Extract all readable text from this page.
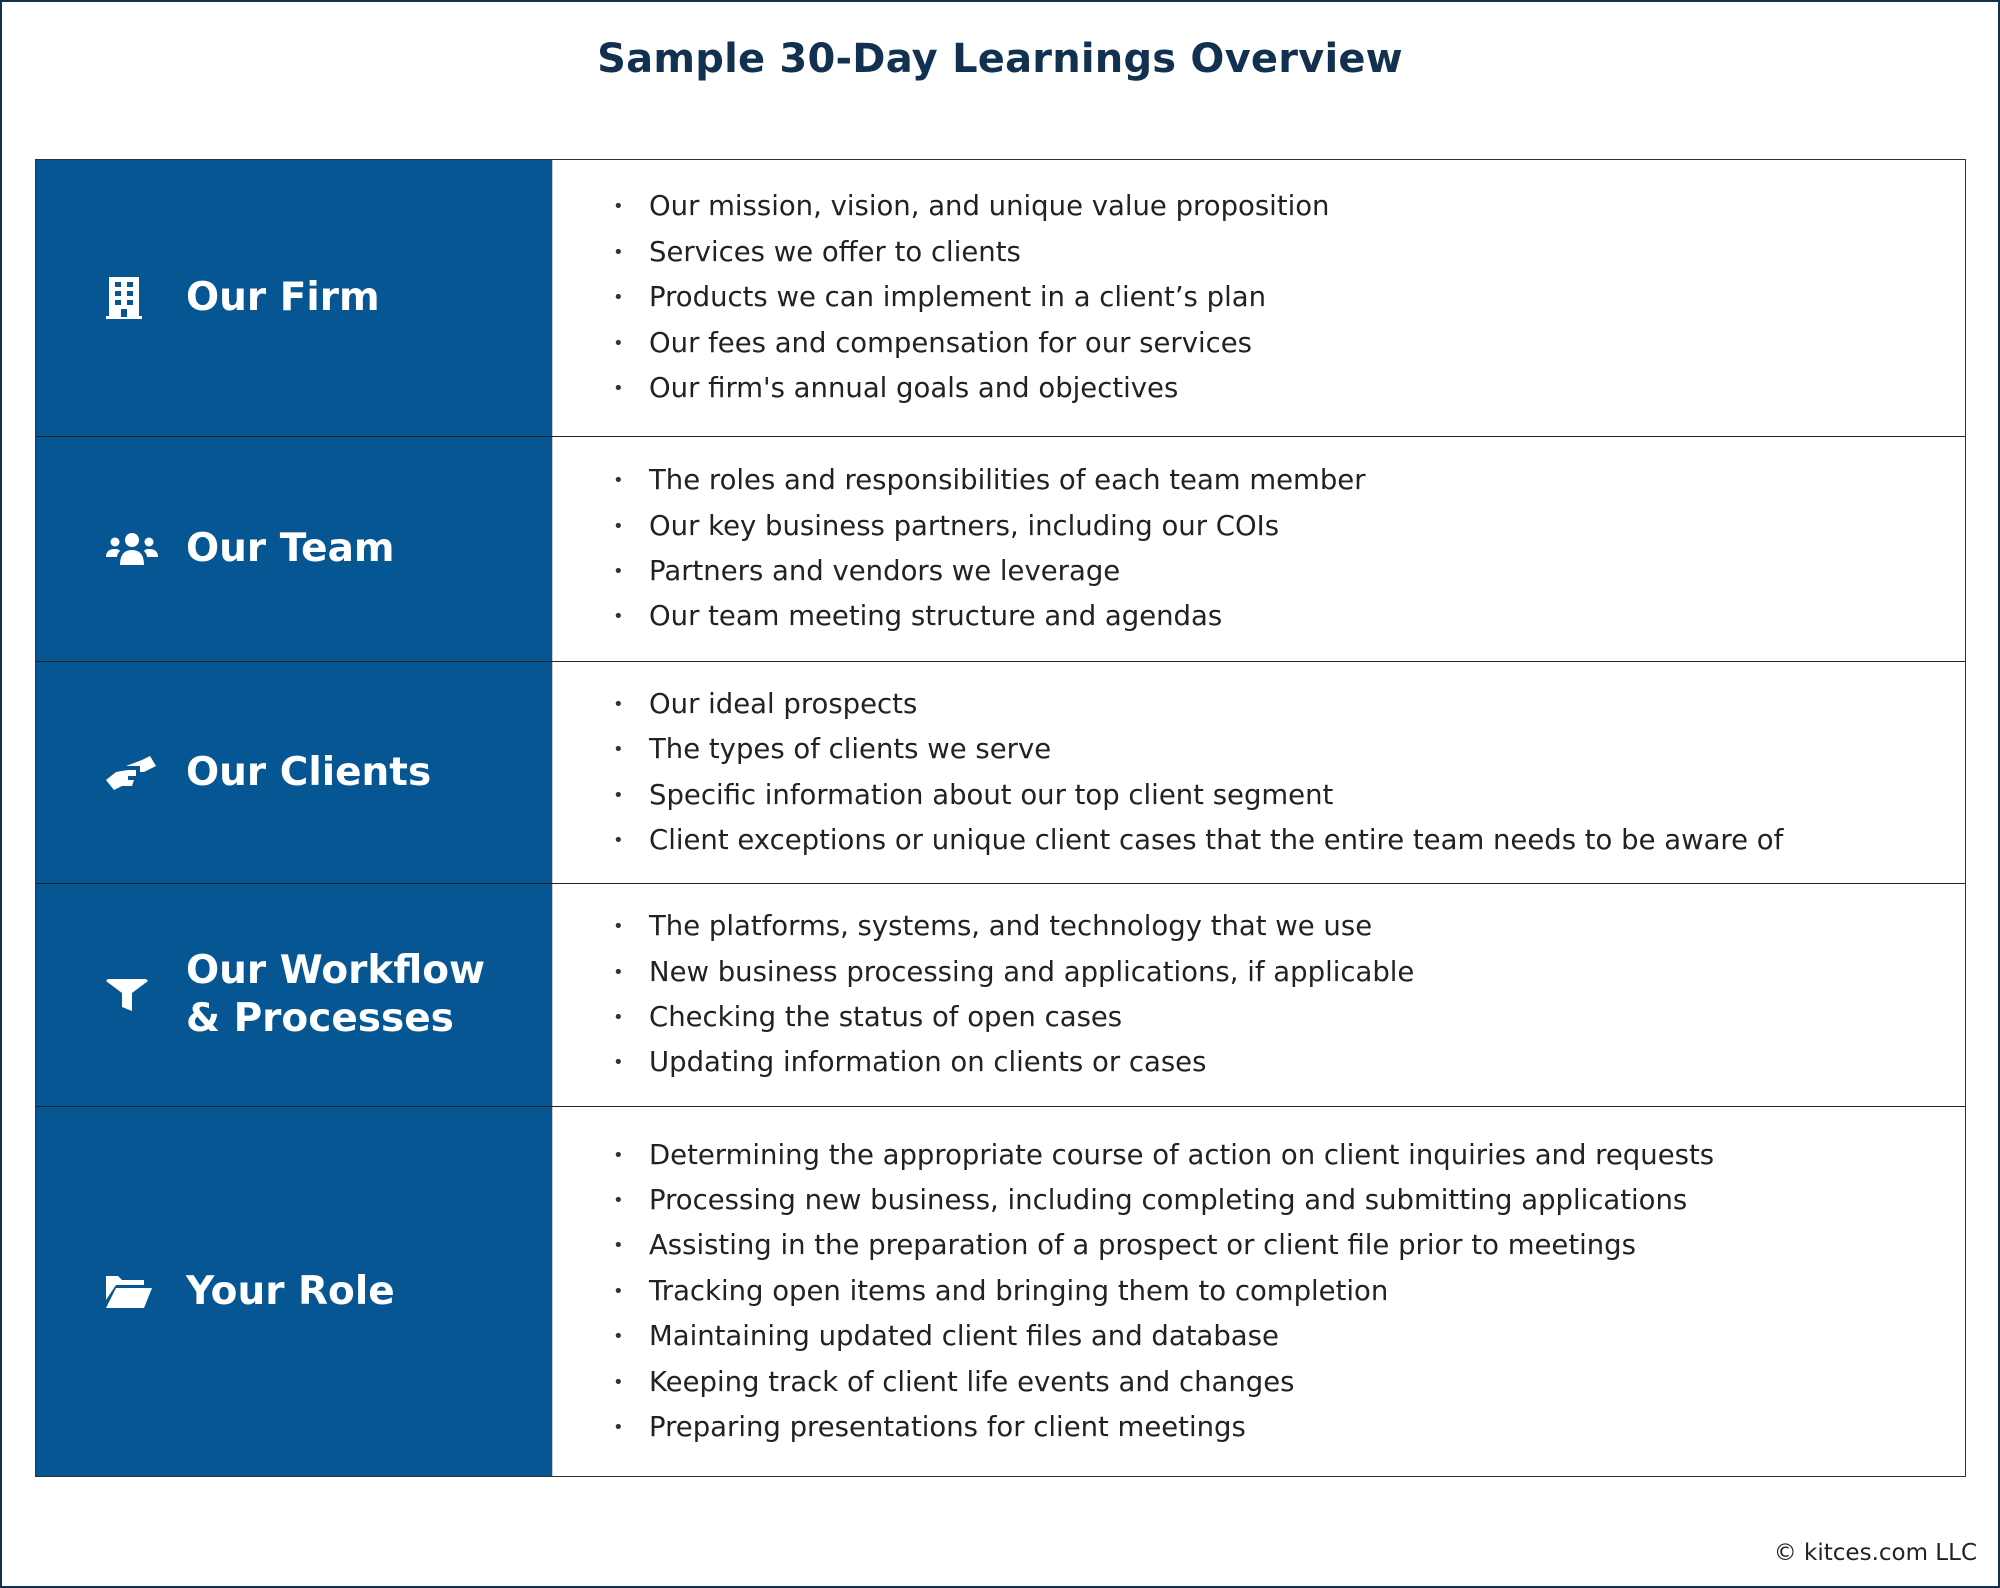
Sample 30-Day Learnings Overview
Our Firm
• Our mission, vision, and unique value proposition
• Services we offer to clients
• Products we can implement in a client’s plan
• Our fees and compensation for our services
• Our firm's annual goals and objectives
Our Team
• The roles and responsibilities of each team member
• Our key business partners, including our COIs
• Partners and vendors we leverage
• Our team meeting structure and agendas
Our Clients
• Our ideal prospects
• The types of clients we serve
• Specific information about our top client segment
• Client exceptions or unique client cases that the entire team needs to be aware of
Our Workflow
& Processes
• The platforms, systems, and technology that we use
• New business processing and applications, if applicable
• Checking the status of open cases
• Updating information on clients or cases
Your Role
• Determining the appropriate course of action on client inquiries and requests
• Processing new business, including completing and submitting applications
• Assisting in the preparation of a prospect or client file prior to meetings
• Tracking open items and bringing them to completion
• Maintaining updated client files and database
• Keeping track of client life events and changes
• Preparing presentations for client meetings
© kitces.com LLC
